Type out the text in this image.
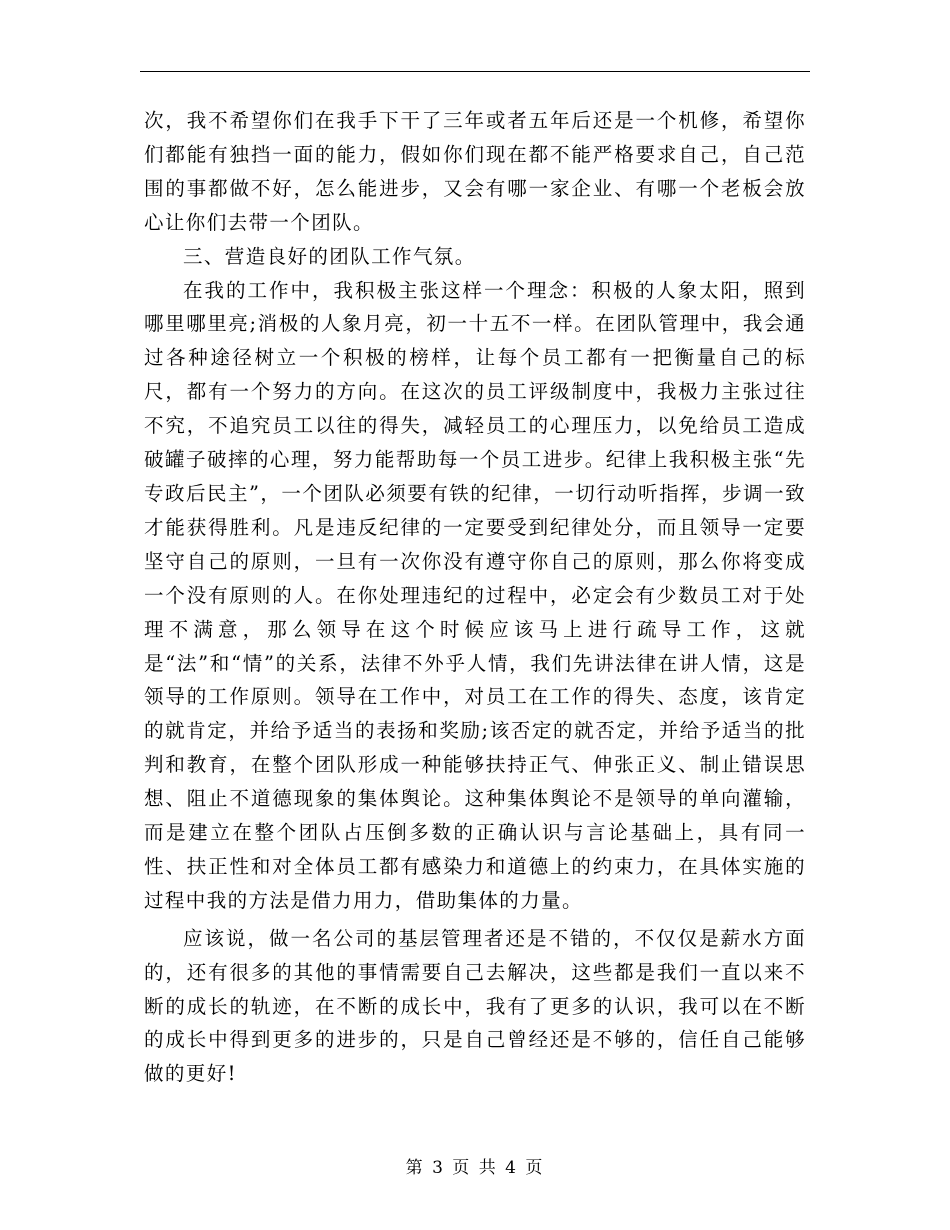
次，我不希望你们在我手下干了三年或者五年后还是一个机修，希望你们都能有独挡一面的能力，假如你们现在都不能严格要求自己，自己范围的事都做不好，怎么能进步，又会有哪一家企业、有哪一个老板会放心让你们去带一个团队。

三、营造良好的团队工作气氛。

在我的工作中，我积极主张这样一个理念：积极的人象太阳，照到哪里哪里亮;消极的人象月亮，初一十五不一样。在团队管理中，我会通过各种途径树立一个积极的榜样，让每个员工都有一把衡量自己的标尺，都有一个努力的方向。在这次的员工评级制度中，我极力主张过往不究，不追究员工以往的得失，减轻员工的心理压力，以免给员工造成破罐子破摔的心理，努力能帮助每一个员工进步。纪律上我积极主张“先专政后民主”，一个团队必须要有铁的纪律，一切行动听指挥，步调一致才能获得胜利。凡是违反纪律的一定要受到纪律处分，而且领导一定要坚守自己的原则，一旦有一次你没有遵守你自己的原则，那么你将变成一个没有原则的人。在你处理违纪的过程中，必定会有少数员工对于处理不满意，那么领导在这个时候应该马上进行疏导工作，这就是“法”和“情”的关系，法律不外乎人情，我们先讲法律在讲人情，这是领导的工作原则。领导在工作中，对员工在工作的得失、态度，该肯定的就肯定，并给予适当的表扬和奖励;该否定的就否定，并给予适当的批判和教育，在整个团队形成一种能够扶持正气、伸张正义、制止错误思想、阻止不道德现象的集体舆论。这种集体舆论不是领导的单向灌输，而是建立在整个团队占压倒多数的正确认识与言论基础上，具有同一性、扶正性和对全体员工都有感染力和道德上的约束力，在具体实施的过程中我的方法是借力用力，借助集体的力量。

应该说，做一名公司的基层管理者还是不错的，不仅仅是薪水方面的，还有很多的其他的事情需要自己去解决，这些都是我们一直以来不断的成长的轨迹，在不断的成长中，我有了更多的认识，我可以在不断的成长中得到更多的进步的，只是自己曾经还是不够的，信任自己能够做的更好!

第 3 页 共 4 页
